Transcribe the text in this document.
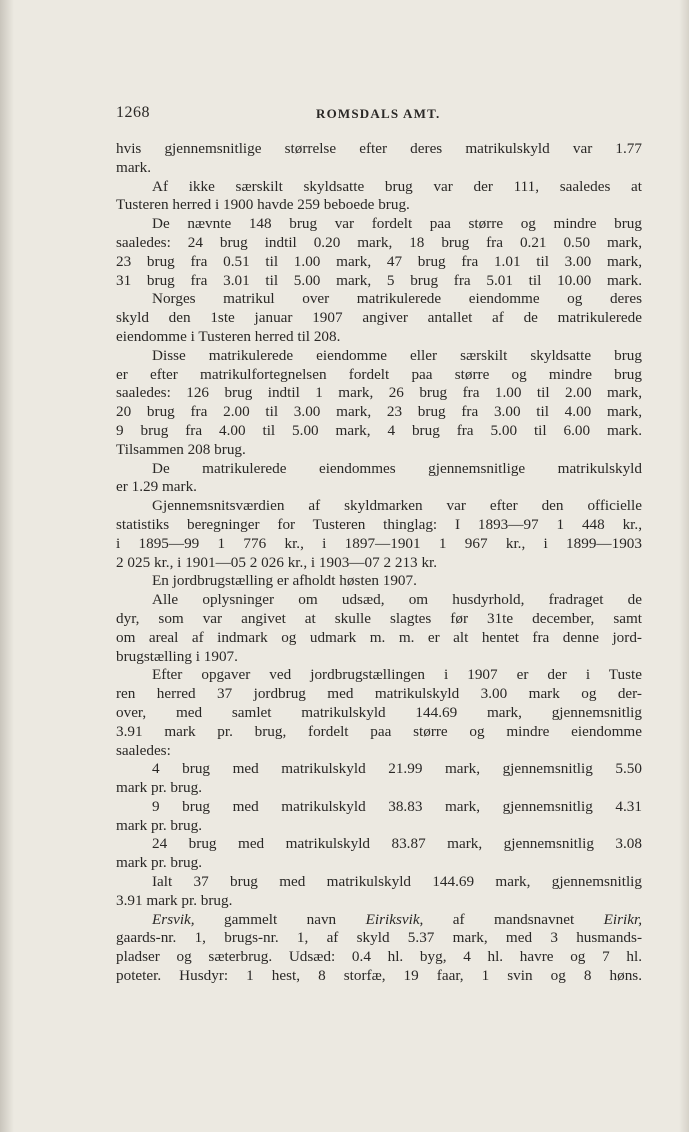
1268	ROMSDALS AMT.
hvis gjennemsnitlige størrelse efter deres matrikulskyld var 1.77
mark.
Af ikke særskilt skyldsatte brug var der 111, saaledes at
Tusteren herred i 1900 havde 259 beboede brug.
De nævnte 148 brug var fordelt paa større og mindre brug
saaledes: 24 brug indtil 0.20 mark, 18 brug fra 0.21 0.50 mark,
23 brug fra 0.51 til 1.00 mark, 47 brug fra 1.01 til 3.00 mark,
31 brug fra 3.01 til 5.00 mark, 5 brug fra 5.01 til 10.00 mark.
Norges matrikul over matrikulerede eiendomme og deres
skyld den 1ste januar 1907 angiver antallet af de matrikulerede
eiendomme i Tusteren herred til 208.
Disse matrikulerede eiendomme eller særskilt skyldsatte brug
er efter matrikulfortegnelsen fordelt paa større og mindre brug
saaledes: 126 brug indtil 1 mark, 26 brug fra 1.00 til 2.00 mark,
20 brug fra 2.00 til 3.00 mark, 23 brug fra 3.00 til 4.00 mark,
9 brug fra 4.00 til 5.00 mark, 4 brug fra 5.00 til 6.00 mark.
Tilsammen 208 brug.
De matrikulerede eiendommes gjennemsnitlige matrikulskyld
er 1.29 mark.
Gjennemsnitsværdien af skyldmarken var efter den officielle
statistiks beregninger for Tusteren thinglag: I 1893—97 1 448 kr.,
i 1895—99 1 776 kr., i 1897—1901 1 967 kr., i 1899—1903
2 025 kr., i 1901—05 2 026 kr., i 1903—07 2 213 kr.
En jordbrugstælling er afholdt høsten 1907.
Alle oplysninger om udsæd, om husdyrhold, fradraget de
dyr, som var angivet at skulle slagtes før 31te december, samt
om areal af indmark og udmark m. m. er alt hentet fra denne jord-
brugstælling i 1907.
Efter opgaver ved jordbrugstællingen i 1907 er der i Tuste
ren herred 37 jordbrug med matrikulskyld 3.00 mark og der-
over, med samlet matrikulskyld 144.69 mark, gjennemsnitlig
3.91 mark pr. brug, fordelt paa større og mindre eiendomme
saaledes:
4 brug med matrikulskyld 21.99 mark, gjennemsnitlig 5.50
mark pr. brug.
9 brug med matrikulskyld 38.83 mark, gjennemsnitlig 4.31
mark pr. brug.
24 brug med matrikulskyld 83.87 mark, gjennemsnitlig 3.08
mark pr. brug.
Ialt 37 brug med matrikulskyld 144.69 mark, gjennemsnitlig
3.91 mark pr. brug.
Ersvik, gammelt navn Eiriksvik, af mandsnavnet Eirikr,
gaards-nr. 1, brugs-nr. 1, af skyld 5.37 mark, med 3 husmands-
pladser og sæterbrug. Udsæd: 0.4 hl. byg, 4 hl. havre og 7 hl.
poteter. Husdyr: 1 hest, 8 storfæ, 19 faar, 1 svin og 8 høns.
